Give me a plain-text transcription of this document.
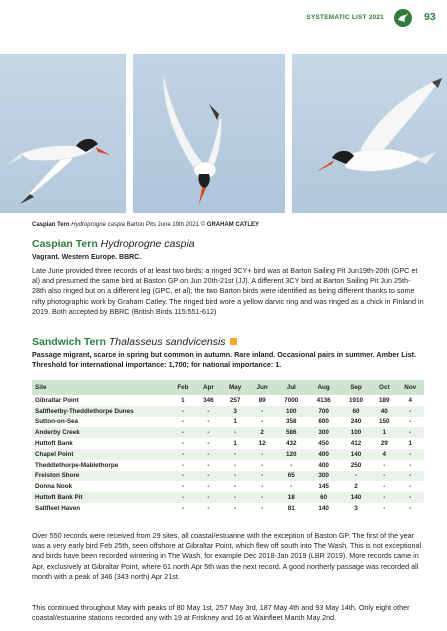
SYSTEMATIC LIST 2021	93
Caspian Tern Hydroprogne caspia Barton Pits June 19th 2021 © GRAHAM CATLEY
Caspian Tern Hydroprogne caspia
Vagrant. Western Europe. BBRC.
Late June provided three records of at least two birds: a ringed 3CY+ bird was at Barton Sailing Pit Jun19th-20th (GPC et al) and presumed the same bird at Baston GP on Jun 20th-21st (JJ). A different 3CY bird at Barton Sailing Pit Jun 25th-28th also ringed but on a different leg (GPC, et al); the two Barton birds were identified as being different thanks to some nifty photographic work by Graham Catley. The ringed bird wore a yellow darvic ring and was ringed as a chick in Finland in 2019. Both accepted by BBRC (British Birds 115:551-612)
Sandwich Tern Thalasseus sandvicensis
Passage migrant, scarce in spring but common in autumn. Rare inland. Occasional pairs in summer. Amber List. Threshold for international importance: 1,700; for national importance: 1.
Site	Feb	Apr	May	Jun	Jul	Aug	Sep	Oct	Nov
Gibraltar Point	1	346	257	89	7000	4136	1910	189	4
Saltfleetby-Theddlethorpe Dunes	-	-	3	-	100	700	60	40	-
Sutton-on-Sea	-	-	1	-	358	600	240	150	-
Anderby Creek	-	-	-	2	586	300	100	1	-
Huttoft Bank	-	-	1	12	432	450	412	29	1
Chapel Point	-	-	-	-	120	400	140	4	-
Theddlethorpe-Mablethorpe	-	-	-	-	-	400	250	-	-
Freiston Shore	-	-	-	-	65	300	-	-	-
Donna Nook	-	-	-	-	-	145	2	-	-
Huttoft Bank Pit	-	-	-	-	18	60	140	-	-
Saltfleet Haven	-	-	-	-	81	140	3	-	-
Over 550 records were received from 29 sites, all coastal/estuarine with the exception of Baston GP. The first of the year was a very early bird Feb 25th, seen offshore at Gibraltar Point, which flew off south into The Wash. This is not exceptional and birds have been recorded wintering in The Wash, for example Dec 2018-Jan 2019 (LBR 2019). More records came in Apr, exclusively at Gibraltar Point, where 61 north Apr 5th was the next record. A good northerly passage was recorded all month with a peak of 346 (343 north) Apr 21st.
This continued throughout May with peaks of 80 May 1st, 257 May 3rd, 187 May 4th and 93 May 14th. Only eight other coastal/estuarine stations recorded any with 19 at Friskney and 16 at Wainfleet Marsh May 2nd.
